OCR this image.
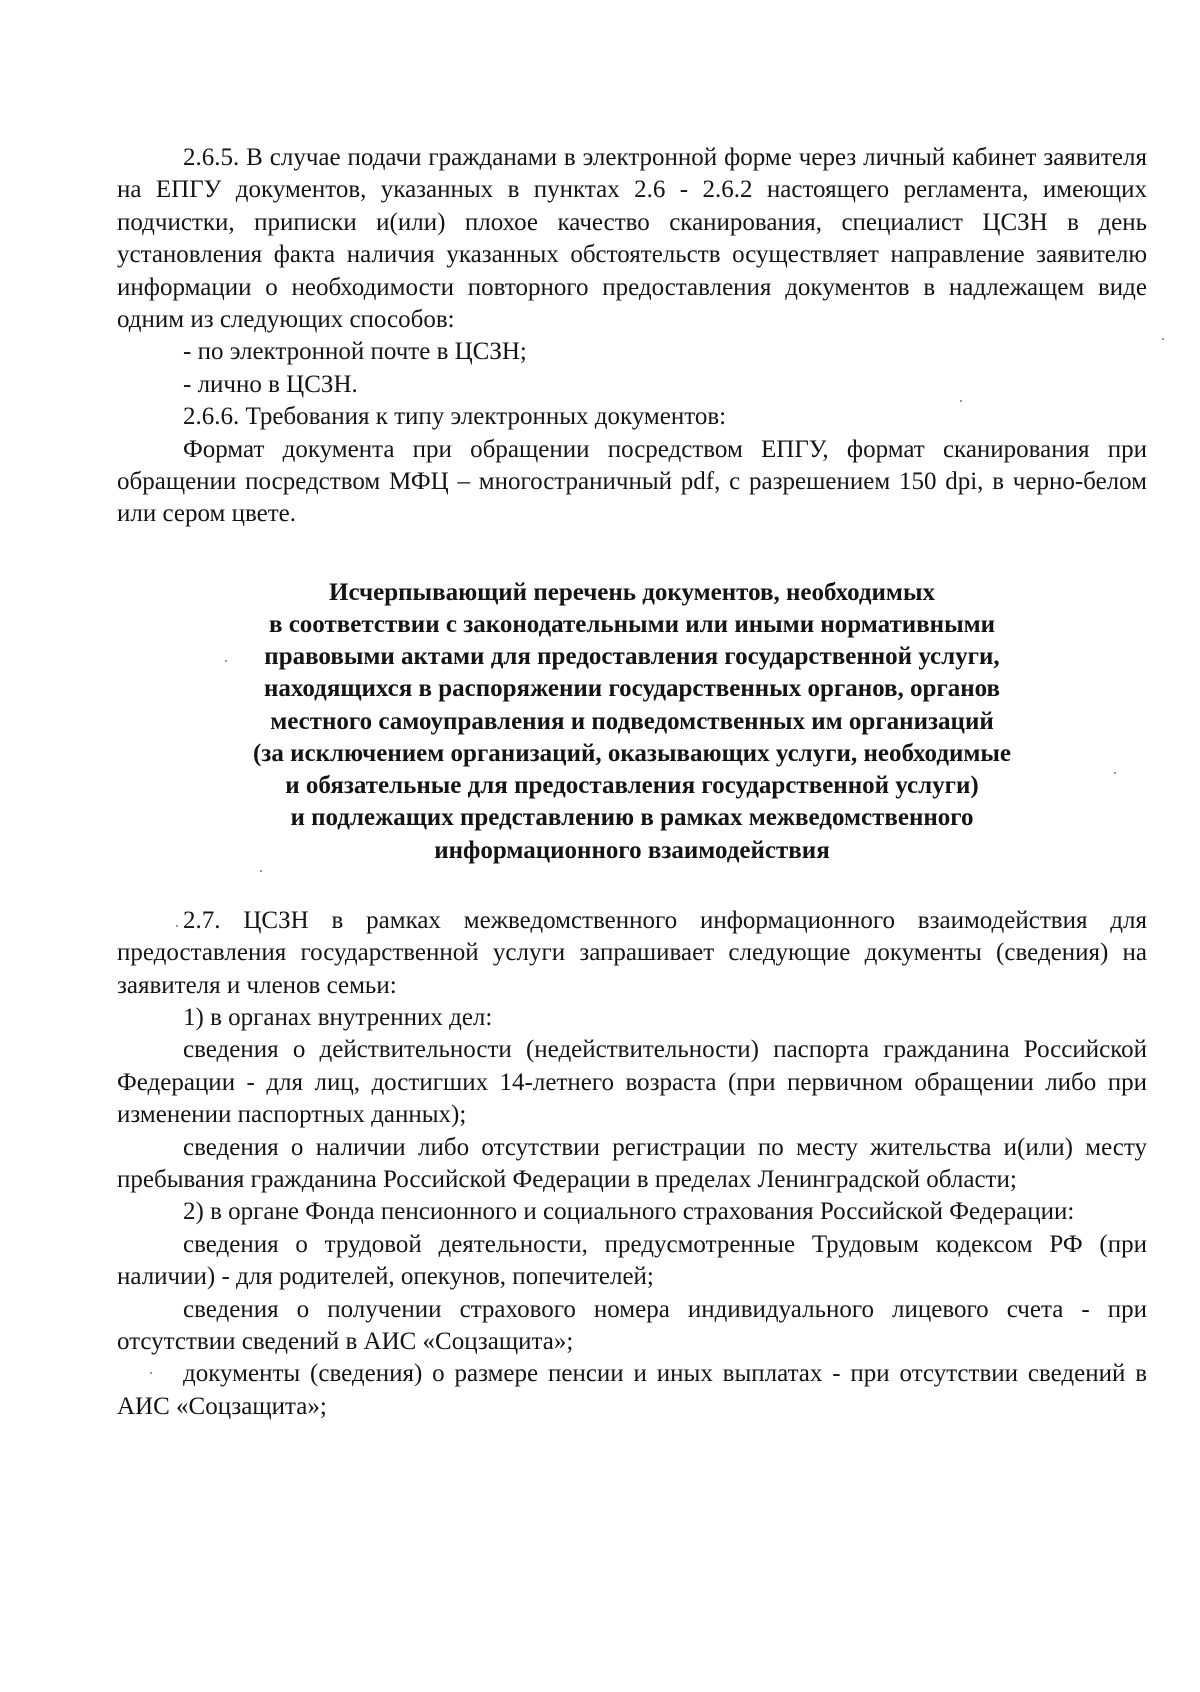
2.6.5. В случае подачи гражданами в электронной форме через личный кабинет заявителя на ЕПГУ документов, указанных в пунктах 2.6 - 2.6.2 настоящего регламента, имеющих подчистки, приписки и(или) плохое качество сканирования, специалист ЦСЗН в день установления факта наличия указанных обстоятельств осуществляет направление заявителю информации о необходимости повторного предоставления документов в надлежащем виде одним из следующих способов:

- по электронной почте в ЦСЗН;

- лично в ЦСЗН.

2.6.6. Требования к типу электронных документов:

Формат документа при обращении посредством ЕПГУ, формат сканирования при обращении посредством МФЦ – многостраничный pdf, с разрешением 150 dpi, в черно-белом или сером цвете.

Исчерпывающий перечень документов, необходимых
в соответствии с законодательными или иными нормативными
правовыми актами для предоставления государственной услуги,
находящихся в распоряжении государственных органов, органов
местного самоуправления и подведомственных им организаций
(за исключением организаций, оказывающих услуги, необходимые
и обязательные для предоставления государственной услуги)
и подлежащих представлению в рамках межведомственного
информационного взаимодействия

2.7. ЦСЗН в рамках межведомственного информационного взаимодействия для предоставления государственной услуги запрашивает следующие документы (сведения) на заявителя и членов семьи:

1) в органах внутренних дел:

сведения о действительности (недействительности) паспорта гражданина Российской Федерации - для лиц, достигших 14-летнего возраста (при первичном обращении либо при изменении паспортных данных);

сведения о наличии либо отсутствии регистрации по месту жительства и(или) месту пребывания гражданина Российской Федерации в пределах Ленинградской области;

2) в органе Фонда пенсионного и социального страхования Российской Федерации:

сведения о трудовой деятельности, предусмотренные Трудовым кодексом РФ (при наличии) - для родителей, опекунов, попечителей;

сведения о получении страхового номера индивидуального лицевого счета - при отсутствии сведений в АИС «Соцзащита»;

документы (сведения) о размере пенсии и иных выплатах - при отсутствии сведений в АИС «Соцзащита»;
